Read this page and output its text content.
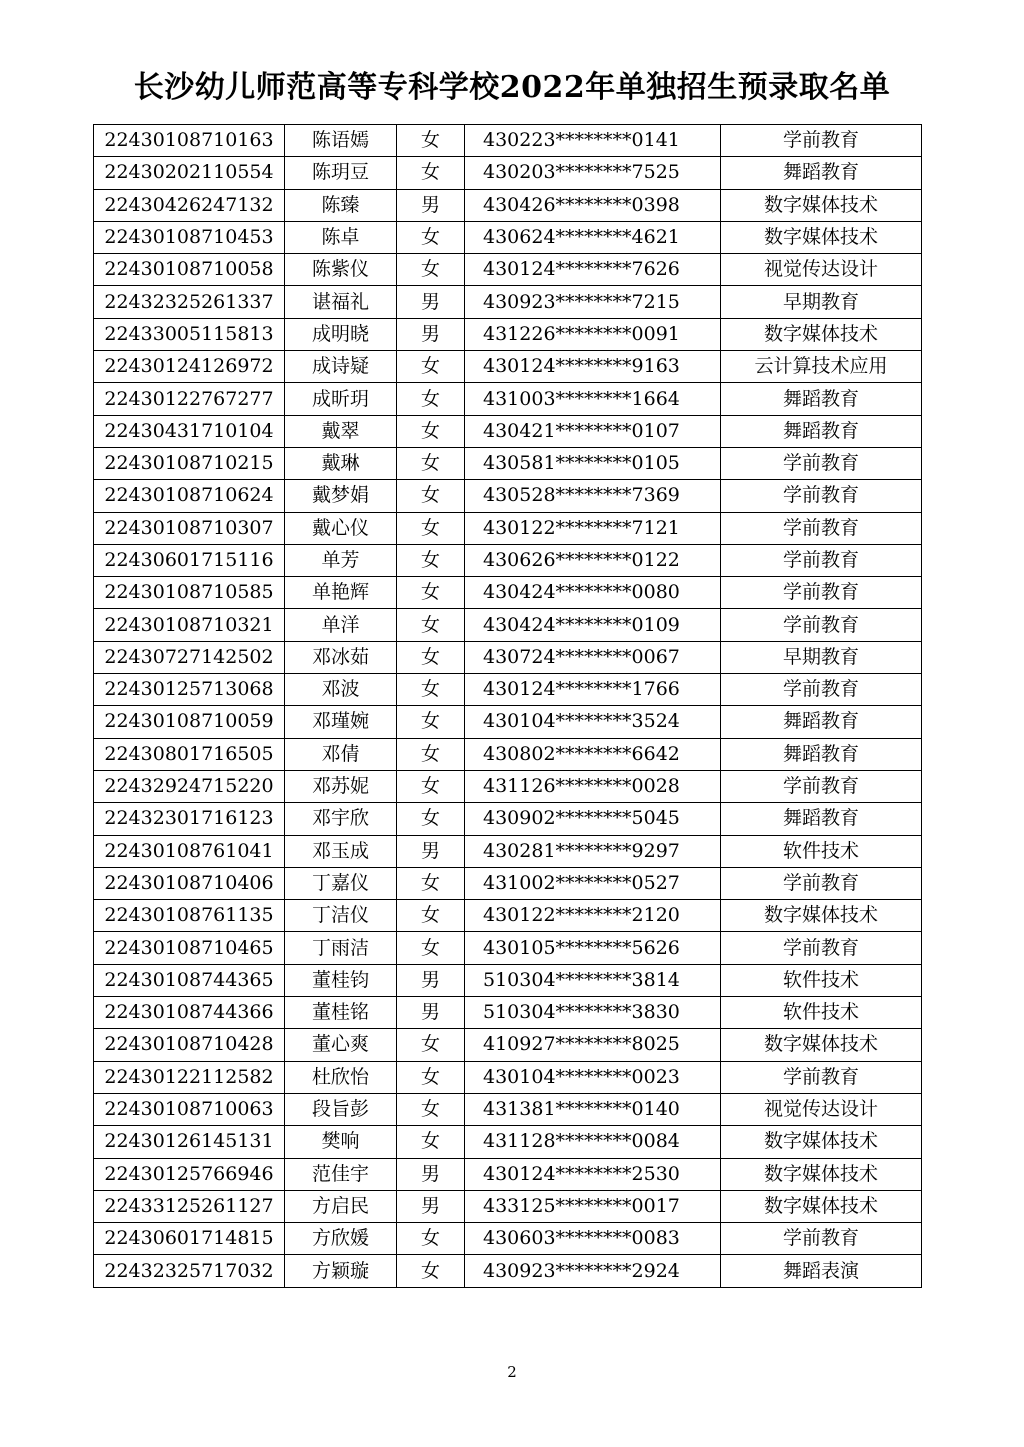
长沙幼儿师范高等专科学校2022年单独招生预录取名单
22430108710163	陈语嫣	女	430223********0141	学前教育
22430202110554	陈玥豆	女	430203********7525	舞蹈教育
22430426247132	陈臻	男	430426********0398	数字媒体技术
22430108710453	陈卓	女	430624********4621	数字媒体技术
22430108710058	陈紫仪	女	430124********7626	视觉传达设计
22432325261337	谌福礼	男	430923********7215	早期教育
22433005115813	成明晓	男	431226********0091	数字媒体技术
22430124126972	成诗疑	女	430124********9163	云计算技术应用
22430122767277	成昕玥	女	431003********1664	舞蹈教育
22430431710104	戴翠	女	430421********0107	舞蹈教育
22430108710215	戴琳	女	430581********0105	学前教育
22430108710624	戴梦娟	女	430528********7369	学前教育
22430108710307	戴心仪	女	430122********7121	学前教育
22430601715116	单芳	女	430626********0122	学前教育
22430108710585	单艳辉	女	430424********0080	学前教育
22430108710321	单洋	女	430424********0109	学前教育
22430727142502	邓冰茹	女	430724********0067	早期教育
22430125713068	邓波	女	430124********1766	学前教育
22430108710059	邓瑾婉	女	430104********3524	舞蹈教育
22430801716505	邓倩	女	430802********6642	舞蹈教育
22432924715220	邓苏妮	女	431126********0028	学前教育
22432301716123	邓宇欣	女	430902********5045	舞蹈教育
22430108761041	邓玉成	男	430281********9297	软件技术
22430108710406	丁嘉仪	女	431002********0527	学前教育
22430108761135	丁洁仪	女	430122********2120	数字媒体技术
22430108710465	丁雨洁	女	430105********5626	学前教育
22430108744365	董桂钧	男	510304********3814	软件技术
22430108744366	董桂铭	男	510304********3830	软件技术
22430108710428	董心爽	女	410927********8025	数字媒体技术
22430122112582	杜欣怡	女	430104********0023	学前教育
22430108710063	段旨彭	女	431381********0140	视觉传达设计
22430126145131	樊响	女	431128********0084	数字媒体技术
22430125766946	范佳宇	男	430124********2530	数字媒体技术
22433125261127	方启民	男	433125********0017	数字媒体技术
22430601714815	方欣媛	女	430603********0083	学前教育
22432325717032	方颖璇	女	430923********2924	舞蹈表演
2
